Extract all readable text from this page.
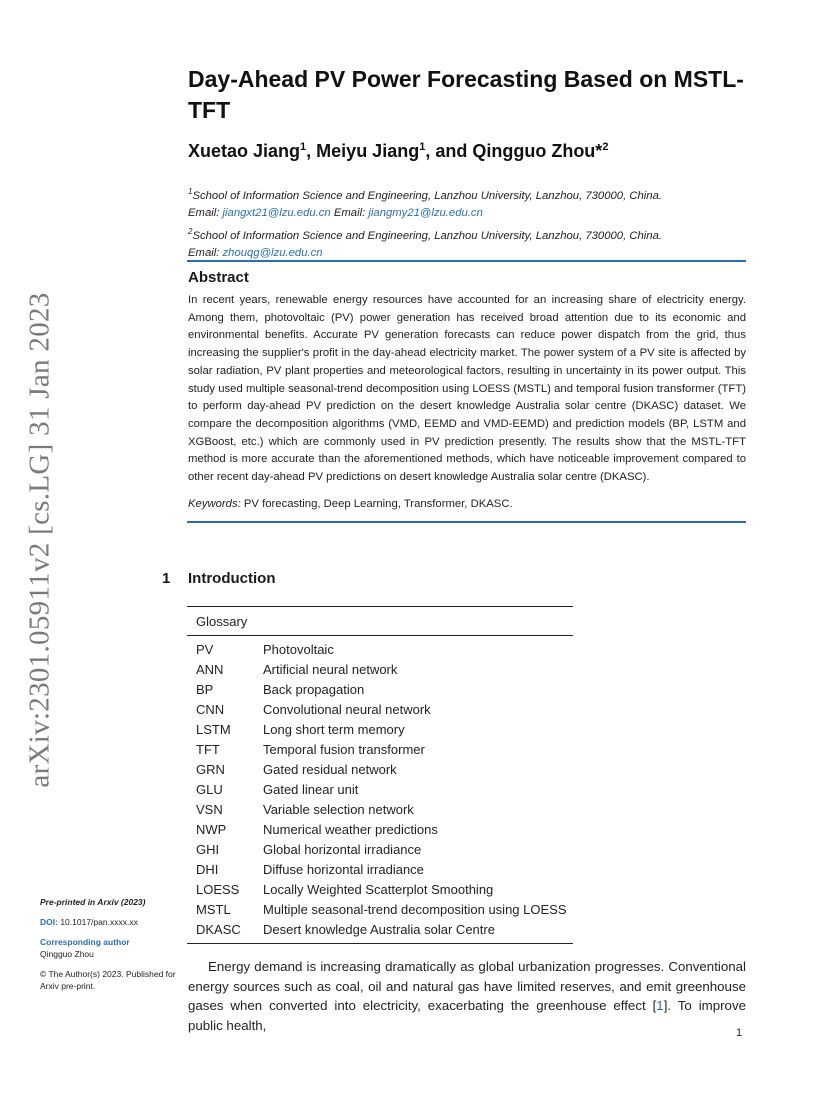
arXiv:2301.05911v2 [cs.LG] 31 Jan 2023
Day-Ahead PV Power Forecasting Based on MSTL-TFT
Xuetao Jiang$^1$, Meiyu Jiang$^1$, and Qingguo Zhou*$^2$
$^1$School of Information Science and Engineering, Lanzhou University, Lanzhou, 730000, China.
Email: jiangxt21@lzu.edu.cn Email: jiangmy21@lzu.edu.cn
$^2$School of Information Science and Engineering, Lanzhou University, Lanzhou, 730000, China.
Email: zhouqg@lzu.edu.cn
Abstract
In recent years, renewable energy resources have accounted for an increasing share of electricity energy. Among them, photovoltaic (PV) power generation has received broad attention due to its economic and environmental benefits. Accurate PV generation forecasts can reduce power dispatch from the grid, thus increasing the supplier's profit in the day-ahead electricity market. The power system of a PV site is affected by solar radiation, PV plant properties and meteorological factors, resulting in uncertainty in its power output. This study used multiple seasonal-trend decomposition using LOESS (MSTL) and temporal fusion transformer (TFT) to perform day-ahead PV prediction on the desert knowledge Australia solar centre (DKASC) dataset. We compare the decomposition algorithms (VMD, EEMD and VMD-EEMD) and prediction models (BP, LSTM and XGBoost, etc.) which are commonly used in PV prediction presently. The results show that the MSTL-TFT method is more accurate than the aforementioned methods, which have noticeable improvement compared to other recent day-ahead PV predictions on desert knowledge Australia solar centre (DKASC).
Keywords: PV forecasting, Deep Learning, Transformer, DKASC.
1 Introduction
Glossary
PV	Photovoltaic
ANN	Artificial neural network
BP	Back propagation
CNN	Convolutional neural network
LSTM	Long short term memory
TFT	Temporal fusion transformer
GRN	Gated residual network
GLU	Gated linear unit
VSN	Variable selection network
NWP	Numerical weather predictions
GHI	Global horizontal irradiance
DHI	Diffuse horizontal irradiance
LOESS	Locally Weighted Scatterplot Smoothing
MSTL	Multiple seasonal-trend decomposition using LOESS
DKASC	Desert knowledge Australia solar Centre
Pre-printed in Arxiv (2023)
DOI: 10.1017/pan.xxxx.xx
Corresponding author
Qingguo Zhou
© The Author(s) 2023. Published for Arxiv pre-print.
Energy demand is increasing dramatically as global urbanization progresses. Conventional energy sources such as coal, oil and natural gas have limited reserves, and emit greenhouse gases when converted into electricity, exacerbating the greenhouse effect [1]. To improve public health,
1
